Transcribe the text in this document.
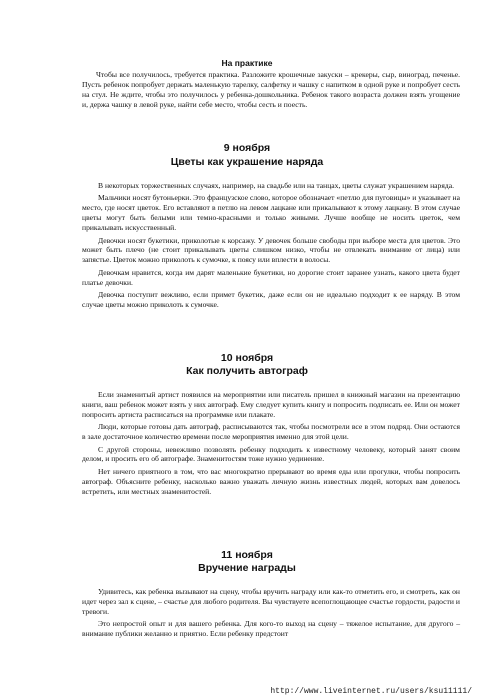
На практике

Чтобы все получилось, требуется практика. Разложите крошечные закуски – крекеры, сыр, виноград, печенье. Пусть ребенок попробует держать маленькую тарелку, салфетку и чашку с напитком в одной руке и попробует сесть на стул. Не ждите, чтобы это получилось у ребенка-дошкольника. Ребенок такого возраста должен взять угощение и, держа чашку в левой руке, найти себе место, чтобы сесть и поесть.

9 ноября
Цветы как украшение наряда

В некоторых торжественных случаях, например, на свадьбе или на танцах, цветы служат украшением наряда.

Мальчики носят бутоньерки. Это французское слово, которое обозначает «петлю для пуговицы» и указывает на место, где носят цветок. Его вставляют в петлю на левом лацкане или прикалывают к этому лацкану. В этом случае цветы могут быть белыми или темно-красными и только живыми. Лучше вообще не носить цветок, чем прикалывать искусственный.

Девочки носят букетики, приколотые к корсажу. У девочек больше свободы при выборе места для цветов. Это может быть плечо (не стоит прикалывать цветы слишком низко, чтобы не отвлекать внимание от лица) или запястье. Цветок можно приколоть к сумочке, к поясу или вплести в волосы.

Девочкам нравится, когда им дарят маленькие букетики, но дорогие стоит заранее узнать, какого цвета будет платье девочки.

Девочка поступит вежливо, если примет букетик, даже если он не идеально подходит к ее наряду. В этом случае цветы можно приколоть к сумочке.

10 ноября
Как получить автограф

Если знаменитый артист появился на мероприятии или писатель пришел в книжный магазин на презентацию книги, ваш ребенок может взять у них автограф. Ему следует купить книгу и попросить подписать ее. Или он может попросить артиста расписаться на программке или плакате.

Люди, которые готовы дать автограф, расписываются так, чтобы посмотрели все в этом подряд. Они остаются в зале достаточное количество времени после мероприятия именно для этой цели.

С другой стороны, невежливо позволять ребенку подходить к известному человеку, который занят своим делом, и просить его об автографе. Знаменитостям тоже нужно уединение.

Нет ничего приятного в том, что вас многократно прерывают во время еды или прогулки, чтобы попросить автограф. Объясните ребенку, насколько важно уважать личную жизнь известных людей, которых вам довелось встретить, или местных знаменитостей.

11 ноября
Вручение награды

Удивитесь, как ребенка вызывают на сцену, чтобы вручить награду или как-то отметить его, и смотреть, как он идет через зал к сцене, – счастье для любого родителя. Вы чувствуете всепоглощающее счастье гордости, радости и тревоги.

Это непростой опыт и для вашего ребенка. Для кого-то выход на сцену – тяжелое испытание, для другого – внимание публики желанно и приятно. Если ребенку предстоит

http://www.liveinternet.ru/users/ksu11111/
